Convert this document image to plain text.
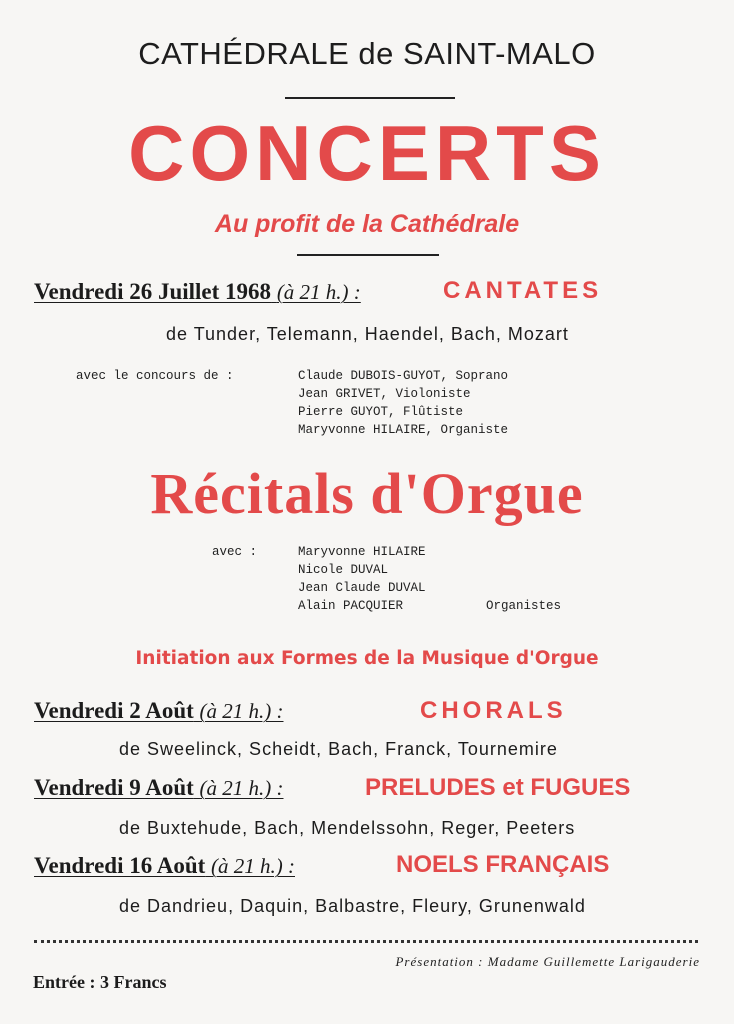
CATHÉDRALE de SAINT-MALO
CONCERTS
Au profit de la Cathédrale
Vendredi 26 Juillet 1968 (à 21 h.) :	CANTATES
de Tunder, Telemann, Haendel, Bach, Mozart
avec le concours de :	Claude DUBOIS-GUYOT, Soprano
Jean GRIVET, Violoniste
Pierre GUYOT, Flûtiste
Maryvonne HILAIRE, Organiste
Récitals d'Orgue
avec :	Maryvonne HILAIRE
Nicole DUVAL
Jean Claude DUVAL
Alain PACQUIER	Organistes
Initiation aux Formes de la Musique d'Orgue
Vendredi 2 Août (à 21 h.) :	CHORALS
de Sweelinck, Scheidt, Bach, Franck, Tournemire
Vendredi 9 Août (à 21 h.) :	PRELUDES et FUGUES
de Buxtehude, Bach, Mendelssohn, Reger, Peeters
Vendredi 16 Août (à 21 h.) :	NOELS FRANÇAIS
de Dandrieu, Daquin, Balbastre, Fleury, Grunenwald
Présentation : Madame Guillemette Larigauderie
Entrée : 3 Francs
